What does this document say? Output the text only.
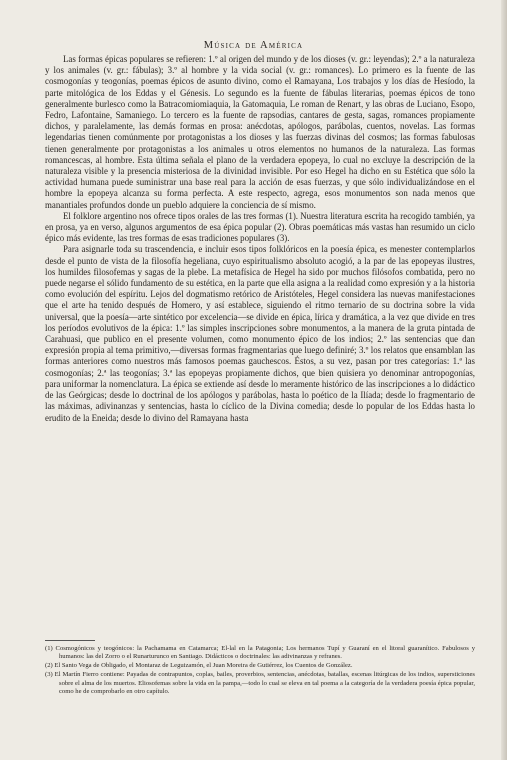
Música de América

Las formas épicas populares se refieren: 1.º al origen del mundo y de los dioses (v. gr.: leyendas); 2.º a la naturaleza y los animales (v. gr.: fábulas); 3.º al hombre y la vida social (v. gr.: romances). Lo primero es la fuente de las cosmogonías y teogonías, poemas épicos de asunto divino, como el Ramayana, Los trabajos y los días de Hesíodo, la parte mitológica de los Eddas y el Génesis. Lo segundo es la fuente de fábulas literarias, poemas épicos de tono generalmente burlesco como la Batracomiomiaquia, la Gatomaquia, Le roman de Renart, y las obras de Luciano, Esopo, Fedro, Lafontaine, Samaniego. Lo tercero es la fuente de rapsodias, cantares de gesta, sagas, romances propiamente dichos, y paralelamente, las demás formas en prosa: anécdotas, apólogos, parábolas, cuentos, novelas. Las formas legendarias tienen comúnmente por protagonistas a los dioses y las fuerzas divinas del cosmos; las formas fabulosas tienen generalmente por protagonistas a los animales u otros elementos no humanos de la naturaleza. Las formas romancescas, al hombre. Esta última señala el plano de la verdadera epopeya, lo cual no excluye la descripción de la naturaleza visible y la presencia misteriosa de la divinidad invisible. Por eso Hegel ha dicho en su Estética que sólo la actividad humana puede suministrar una base real para la acción de esas fuerzas, y que sólo individualizándose en el hombre la epopeya alcanza su forma perfecta. A este respecto, agrega, esos monumentos son nada menos que manantiales profundos donde un pueblo adquiere la conciencia de sí mismo.

El folklore argentino nos ofrece tipos orales de las tres formas (1). Nuestra literatura escrita ha recogido también, ya en prosa, ya en verso, algunos argumentos de esa épica popular (2). Obras poemáticas más vastas han resumido un ciclo épico más evidente, las tres formas de esas tradiciones populares (3).

Para asignarle toda su trascendencia, e incluir esos tipos folklóricos en la poesía épica, es menester contemplarlos desde el punto de vista de la filosofía hegeliana, cuyo espiritualismo absoluto acogió, a la par de las epopeyas ilustres, los humildes filosofemas y sagas de la plebe. La metafísica de Hegel ha sido por muchos filósofos combatida, pero no puede negarse el sólido fundamento de su estética, en la parte que ella asigna a la realidad como expresión y a la historia como evolución del espíritu. Lejos del dogmatismo retórico de Aristóteles, Hegel considera las nuevas manifestaciones que el arte ha tenido después de Homero, y así establece, siguiendo el ritmo ternario de su doctrina sobre la vida universal, que la poesía—arte sintético por excelencia—se divide en épica, lírica y dramática, a la vez que divide en tres los períodos evolutivos de la épica: 1.º las simples inscripciones sobre monumentos, a la manera de la gruta pintada de Carahuasi, que publico en el presente volumen, como monumento épico de los indios; 2.º las sentencias que dan expresión propia al tema primitivo,—diversas formas fragmentarias que luego definiré; 3.º los relatos que ensamblan las formas anteriores como nuestros más famosos poemas gauchescos. Éstos, a su vez, pasan por tres categorías: 1.ª las cosmogonías; 2.ª las teogonías; 3.ª las epopeyas propiamente dichos, que bien quisiera yo denominar antropogonías, para uniformar la nomenclatura. La épica se extiende así desde lo meramente histórico de las inscripciones a lo didáctico de las Geórgicas; desde lo doctrinal de los apólogos y parábolas, hasta lo poético de la Ilíada; desde lo fragmentario de las máximas, adivinanzas y sentencias, hasta lo cíclico de la Divina comedia; desde lo popular de los Eddas hasta lo erudito de la Eneida; desde lo divino del Ramayana hasta

(1) Cosmogónicos y teogónicos: la Pachamama en Catamarca; El-lal en la Patagonia; Los hermanos Tupí y Guaraní en el litoral guaranítico. Fabulosos y humanos: las del Zorro o el Runarturunco en Santiago. Didácticos o doctrinales: las adivinanzas y refranes.

(2) El Santo Vega de Obligado, el Montaraz de Leguizamón, el Juan Moreira de Gutiérrez, los Cuentos de González.

(3) El Martín Fierro contiene: Payadas de contrapuntos, coplas, bailes, proverbios, sentencias, anécdotas, batallas, escenas litúrgicas de los indios, supersticiones sobre el alma de los muertos. Eliosofemas sobre la vida en la pampa,—todo lo cual se eleva en tal poema a la categoría de la verdadera poesía épica popular, como he de comprobarlo en otro capítulo.
